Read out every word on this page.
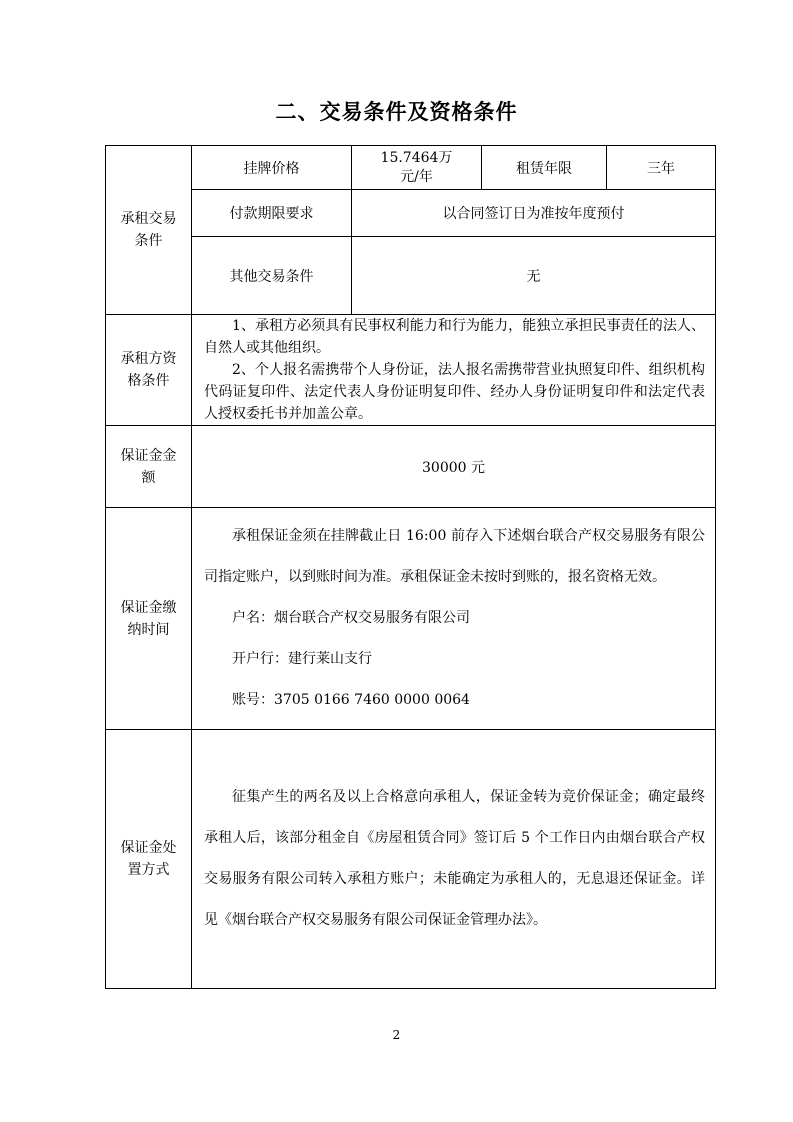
二、交易条件及资格条件
承租交易条件	挂牌价格	15.7464万元/年	租赁年限	三年
	付款期限要求	以合同签订日为准按年度预付		
	其他交易条件	无		
承租方资格条件	1、承租方必须具有民事权利能力和行为能力，能独立承担民事责任的法人、自然人或其他组织。

2、个人报名需携带个人身份证，法人报名需携带营业执照复印件、组织机构代码证复印件、法定代表人身份证明复印件、经办人身份证明复印件和法定代表人授权委托书并加盖公章。			

保证金金额	30000 元			
保证金缴纳时间	承租保证金须在挂牌截止日 16:00 前存入下述烟台联合产权交易服务有限公司指定账户，以到账时间为准。承租保证金未按时到账的，报名资格无效。

户名：烟台联合产权交易服务有限公司

开户行：建行莱山支行

账号：3705 0166 7460 0000 0064			

保证金处置方式	征集产生的两名及以上合格意向承租人，保证金转为竞价保证金；确定最终承租人后，该部分租金自《房屋租赁合同》签订后 5 个工作日内由烟台联合产权交易服务有限公司转入承租方账户；未能确定为承租人的，无息退还保证金。详见《烟台联合产权交易服务有限公司保证金管理办法》。			

2
